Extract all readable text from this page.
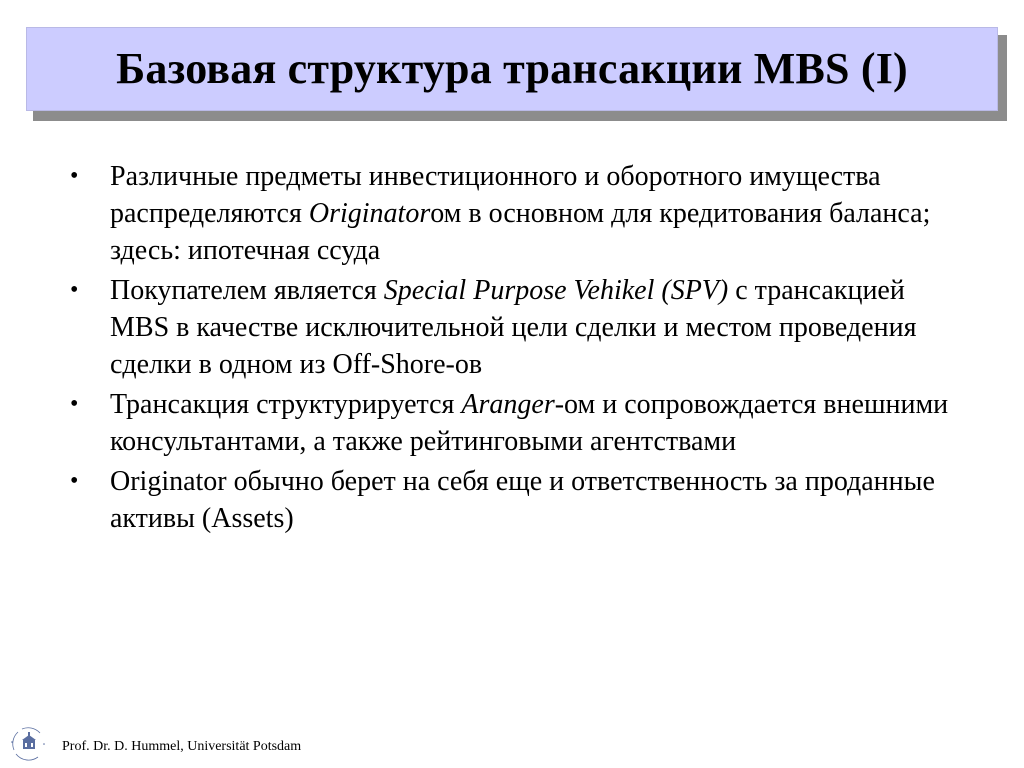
Базовая структура трансакции MBS (I)
• Различные предметы инвестиционного и оборотного имущества распределяются Originatorом в основном для кредитования баланса; здесь: ипотечная ссуда
• Покупателем является Special Purpose Vehikel (SPV) с трансакцией MBS в качестве исключительной цели сделки и местом проведения сделки в одном из Off-Shore-ов
• Трансакция структурируется Aranger-ом и сопровождается внешними консультантами, а также рейтинговыми агентствами
• Originator обычно берет на себя еще и ответственность за проданные активы (Assets)
Prof. Dr. D. Hummel, Universität Potsdam
